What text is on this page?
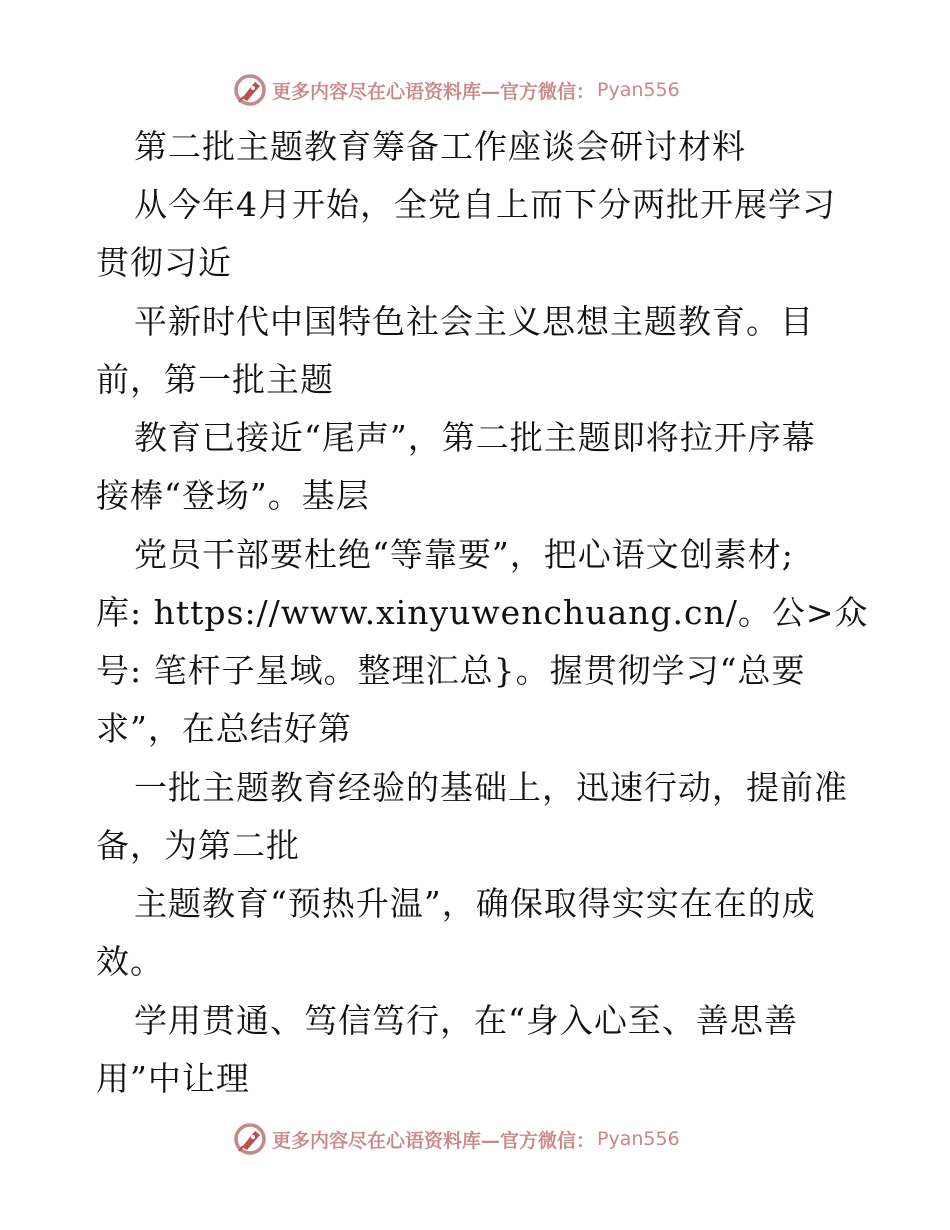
更多内容尽在心语资料库—官方微信： Pyan556
第二批主题教育筹备工作座谈会研讨材料
从今年4月开始，全党自上而下分两批开展学习
贯彻习近
平新时代中国特色社会主义思想主题教育。目
前，第一批主题
教育已接近“尾声”，第二批主题即将拉开序幕
接棒“登场”。基层
党员干部要杜绝“等靠要”，把心语文创素材;
库: https://www.xinyuwenchuang.cn/。公>众
号: 笔杆子星域。整理汇总}。握贯彻学习“总要
求”，在总结好第
一批主题教育经验的基础上，迅速行动，提前准
备，为第二批
主题教育“预热升温”，确保取得实实在在的成
效。
学用贯通、笃信笃行，在“身入心至、善思善
用”中让理
更多内容尽在心语资料库—官方微信： Pyan556
